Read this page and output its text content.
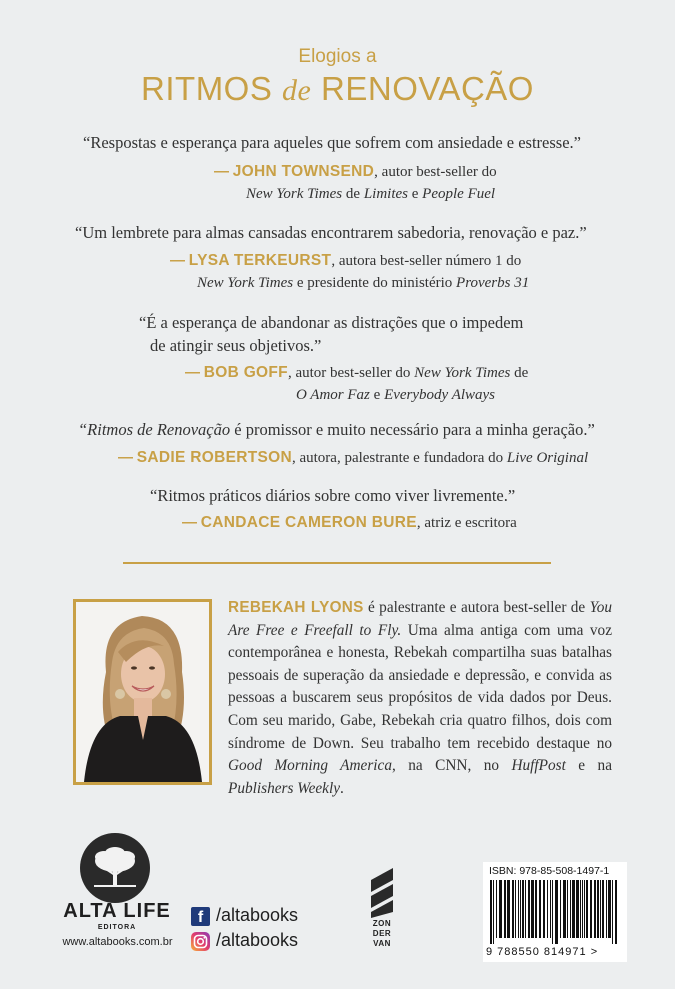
Elogios a
RITMOS de RENOVAÇÃO
“Respostas e esperança para aqueles que sofrem com ansiedade e estresse.”
— JOHN TOWNSEND, autor best-seller do
New York Times de Limites e People Fuel
“Um lembrete para almas cansadas encontrarem sabedoria, renovação e paz.”
— LYSA TERKEURST, autora best-seller número 1 do
New York Times e presidente do ministério Proverbs 31
“É a esperança de abandonar as distrações que o impedem
de atingir seus objetivos.”
— BOB GOFF, autor best-seller do New York Times de
O Amor Faz e Everybody Always
“Ritmos de Renovação é promissor e muito necessário para a minha geração.”
— SADIE ROBERTSON, autora, palestrante e fundadora do Live Original
“Ritmos práticos diários sobre como viver livremente.”
— CANDACE CAMERON BURE, atriz e escritora
REBEKAH LYONS é palestrante e autora best-seller de You Are Free e Freefall to Fly. Uma alma antiga com uma voz contemporânea e honesta, Rebekah compartilha suas batalhas pessoais de superação da ansiedade e depressão, e convida as pessoas a buscarem seus propósitos de vida dados por Deus. Com seu marido, Gabe, Rebekah cria quatro filhos, dois com síndrome de Down. Seu trabalho tem recebido destaque no Good Morning America, na CNN, no HuffPost e na Publishers Weekly.
ALTA LIFE
EDITORA
www.altabooks.com.br
f /altabooks
/altabooks
ZON
DER
VAN
ISBN: 978-85-508-1497-1
9 788550 814971 >
